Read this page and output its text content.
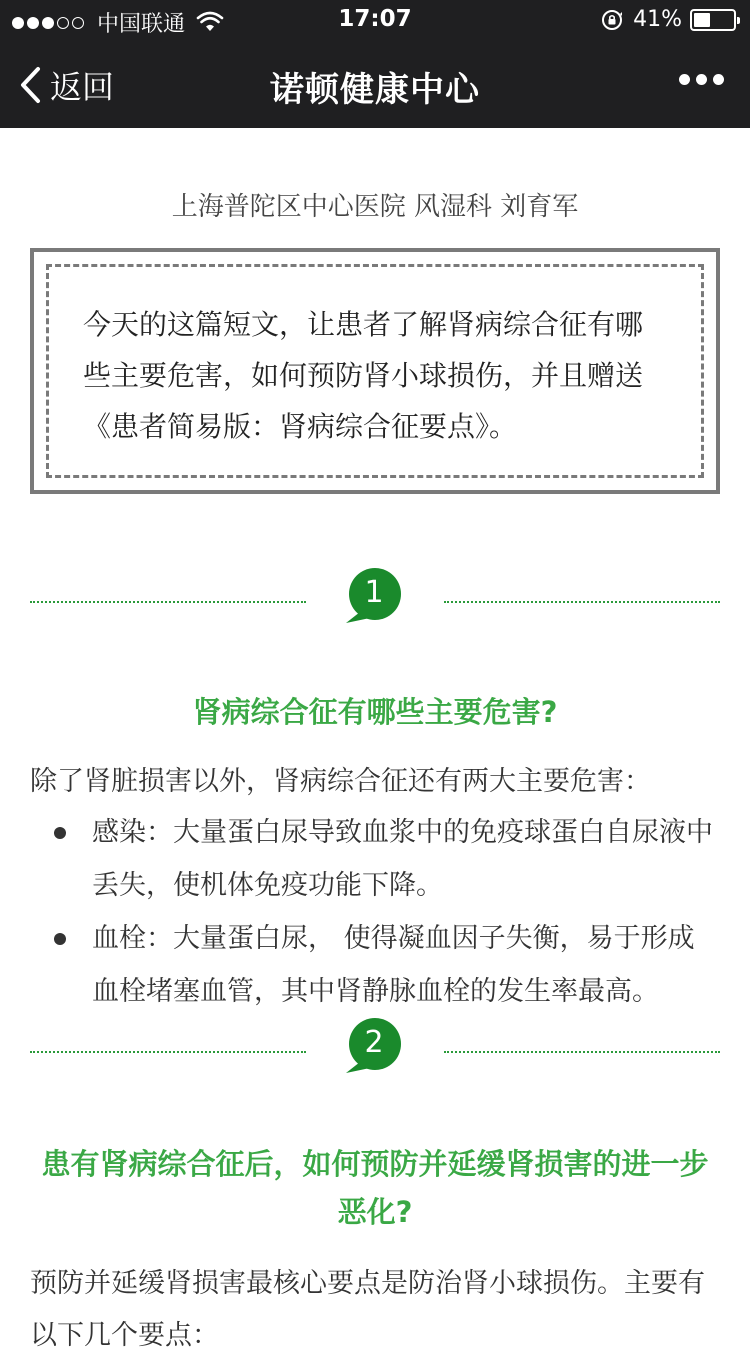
中国联通	17:07	41%
返回	诺顿健康中心
上海普陀区中心医院 风湿科 刘育军

今天的这篇短文，让患者了解肾病综合征有哪些主要危害，如何预防肾小球损伤，并且赠送《患者简易版：肾病综合征要点》。

1
肾病综合征有哪些主要危害?

除了肾脏损害以外，肾病综合征还有两大主要危害：

感染：大量蛋白尿导致血浆中的免疫球蛋白自尿液中丢失，使机体免疫功能下降。
血栓：大量蛋白尿， 使得凝血因子失衡，易于形成血栓堵塞血管，其中肾静脉血栓的发生率最高。
2
患有肾病综合征后，如何预防并延缓肾损害的进一步恶化?

预防并延缓肾损害最核心要点是防治肾小球损伤。主要有以下几个要点：
